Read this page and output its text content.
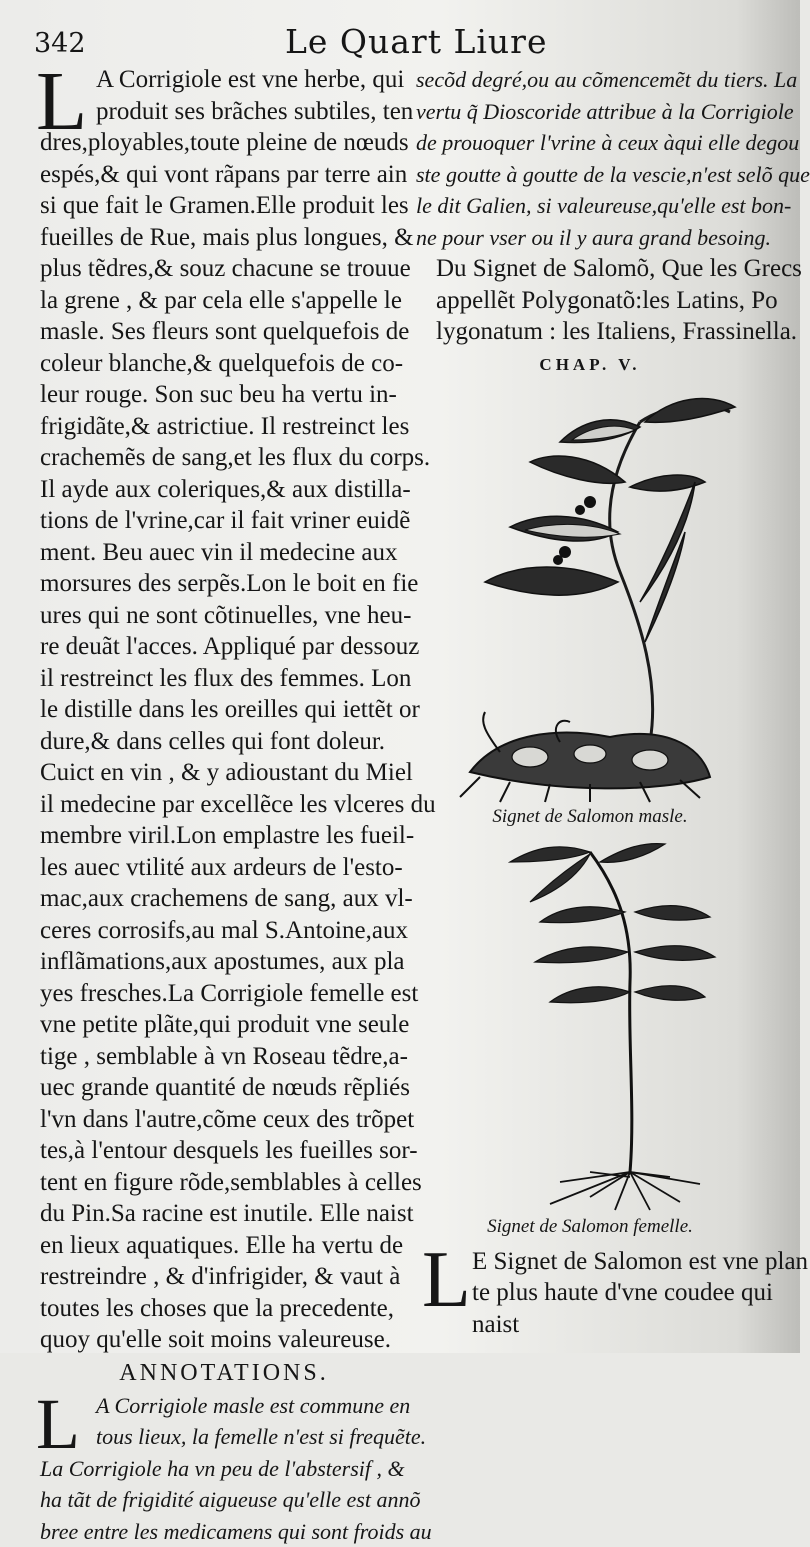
342	Le Quart Liure
L A Corrigiole est vne herbe, qui
produit ses brãches subtiles, ten
dres,ployables,toute pleine de nœuds
espés,& qui vont rãpans par terre ain
si que fait le Gramen.Elle produit les
fueilles de Rue, mais plus longues, &
plus tẽdres,& souz chacune se trouue
la grene , & par cela elle s'appelle le
masle. Ses fleurs sont quelquefois de
coleur blanche,& quelquefois de co-
leur rouge. Son suc beu ha vertu in-
frigidãte,& astrictiue. Il restreinct les
crachemẽs de sang,et les flux du corps.
Il ayde aux coleriques,& aux distilla-
tions de l'vrine,car il fait vriner euidẽ
ment. Beu auec vin il medecine aux
morsures des serpẽs.Lon le boit en fie
ures qui ne sont cõtinuelles, vne heu-
re deuãt l'acces. Appliqué par dessouz
il restreinct les flux des femmes. Lon
le distille dans les oreilles qui iettẽt or
dure,& dans celles qui font doleur.
Cuict en vin , & y adioustant du Miel
il medecine par excellẽce les vlceres du
membre viril.Lon emplastre les fueil-
les auec vtilité aux ardeurs de l'esto-
mac,aux crachemens de sang, aux vl-
ceres corrosifs,au mal S.Antoine,aux
inflãmations,aux apostumes, aux pla
yes fresches.La Corrigiole femelle est
vne petite plãte,qui produit vne seule
tige , semblable à vn Roseau tẽdre,a-
uec grande quantité de nœuds rẽpliés
l'vn dans l'autre,cõme ceux des trõpet
tes,à l'entour desquels les fueilles sor-
tent en figure rõde,semblables à celles
du Pin.Sa racine est inutile. Elle naist
en lieux aquatiques. Elle ha vertu de
restreindre , & d'infrigider, & vaut à
toutes les choses que la precedente,
quoy qu'elle soit moins valeureuse.
ANNOTATIONS.
L A Corrigiole masle est commune en
tous lieux, la femelle n'est si frequẽte.
La Corrigiole ha vn peu de l'abstersif , &
ha tãt de frigidité aigueuse qu'elle est annõ
bree entre les medicamens qui sont froids au
secõd degré,ou au cõmencemẽt du tiers. La
vertu q̃ Dioscoride attribue à la Corrigiole
de prouoquer l'vrine à ceux àqui elle degou
ste goutte à goutte de la vescie,n'est selõ que
le dit Galien, si valeureuse,qu'elle est bon-
ne pour vser ou il y aura grand besoing.
Du Signet de Salomõ, Que les Grecs
appellẽt Polygonatõ:les Latins, Po
lygonatum : les Italiens, Frassinella.
CHAP. V.
Signet de Salomon masle.
Signet de Salomon femelle.
L E Signet de Salomon est vne plan
te plus haute d'vne coudee qui
naist
